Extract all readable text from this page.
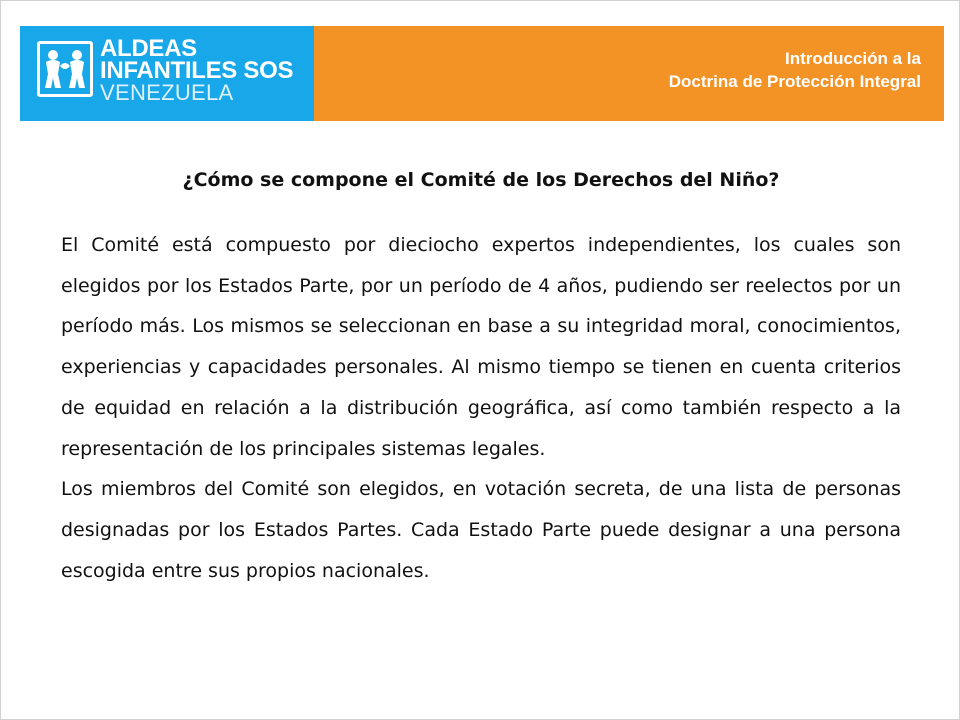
ALDEAS
INFANTILES SOS
VENEZUELA
Introducción a la
Doctrina de Protección Integral
¿Cómo se compone el Comité de los Derechos del Niño?

El Comité está compuesto por dieciocho expertos independientes, los cuales son elegidos por los Estados Parte, por un período de 4 años, pudiendo ser reelectos por un período más. Los mismos se seleccionan en base a su integridad moral, conocimientos, experiencias y capacidades personales. Al mismo tiempo se tienen en cuenta criterios de equidad en relación a la distribución geográfica, así como también respecto a la representación de los principales sistemas legales.

Los miembros del Comité son elegidos, en votación secreta, de una lista de personas designadas por los Estados Partes. Cada Estado Parte puede designar a una persona escogida entre sus propios nacionales.
